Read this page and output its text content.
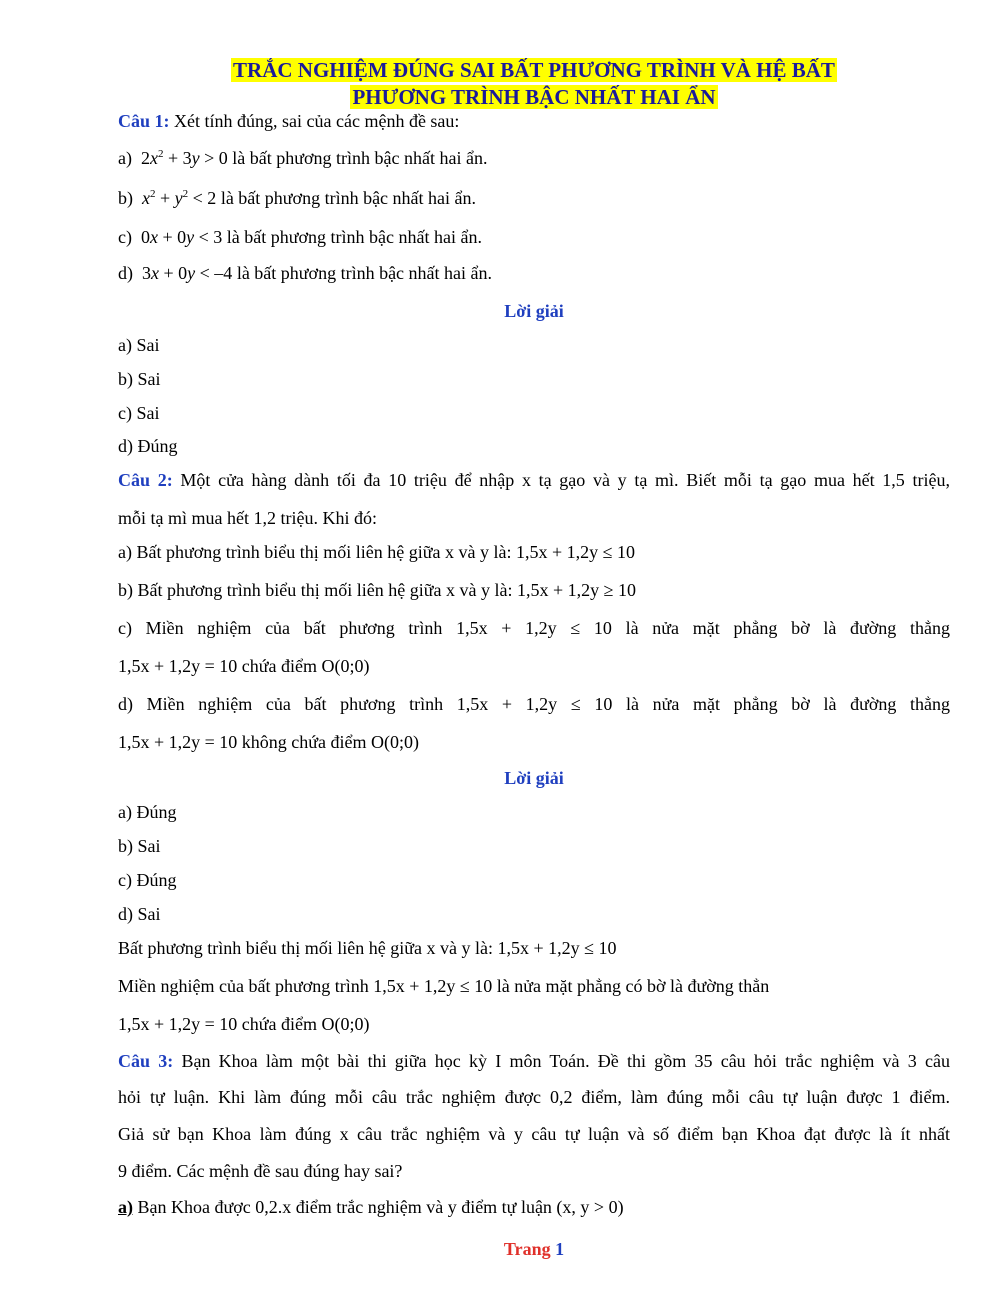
TRẮC NGHIỆM ĐÚNG SAI BẤT PHƯƠNG TRÌNH VÀ HỆ BẤT
PHƯƠNG TRÌNH BẬC NHẤT HAI ẨN
Câu 1: Xét tính đúng, sai của các mệnh đề sau:
a) $2x^2 + 3y > 0$ là bất phương trình bậc nhất hai ẩn.
b) $x^2 + y^2 < 2$ là bất phương trình bậc nhất hai ẩn.
c) 0x + 0y < 3 là bất phương trình bậc nhất hai ẩn.
d) 3x + 0y < –4 là bất phương trình bậc nhất hai ẩn.
Lời giải
a) Sai
b) Sai
c) Sai
d) Đúng
Câu 2: Một cửa hàng dành tối đa 10 triệu để nhập x tạ gạo và y tạ mì. Biết mỗi tạ gạo mua hết 1,5 triệu,
mỗi tạ mì mua hết 1,2 triệu. Khi đó:
a) Bất phương trình biểu thị mối liên hệ giữa x và y là: 1,5x + 1,2y ≤ 10
b) Bất phương trình biểu thị mối liên hệ giữa x và y là: 1,5x + 1,2y ≥ 10
c) Miền nghiệm của bất phương trình 1,5x + 1,2y ≤ 10 là nửa mặt phẳng bờ là đường thẳng
1,5x + 1,2y = 10 chứa điểm O(0;0)
d) Miền nghiệm của bất phương trình 1,5x + 1,2y ≤ 10 là nửa mặt phẳng bờ là đường thẳng
1,5x + 1,2y = 10 không chứa điểm O(0;0)
Lời giải
a) Đúng
b) Sai
c) Đúng
d) Sai
Bất phương trình biểu thị mối liên hệ giữa x và y là: 1,5x + 1,2y ≤ 10
Miền nghiệm của bất phương trình 1,5x + 1,2y ≤ 10 là nửa mặt phẳng có bờ là đường thẳn
1,5x + 1,2y = 10 chứa điểm O(0;0)
Câu 3: Bạn Khoa làm một bài thi giữa học kỳ I môn Toán. Đề thi gồm 35 câu hỏi trắc nghiệm và 3 câu
hỏi tự luận. Khi làm đúng mỗi câu trắc nghiệm được 0,2 điểm, làm đúng mỗi câu tự luận được 1 điểm.
Giả sử bạn Khoa làm đúng x câu trắc nghiệm và y câu tự luận và số điểm bạn Khoa đạt được là ít nhất
9 điểm. Các mệnh đề sau đúng hay sai?
a) Bạn Khoa được 0,2.x điểm trắc nghiệm và y điểm tự luận (x, y > 0)
Trang 1
